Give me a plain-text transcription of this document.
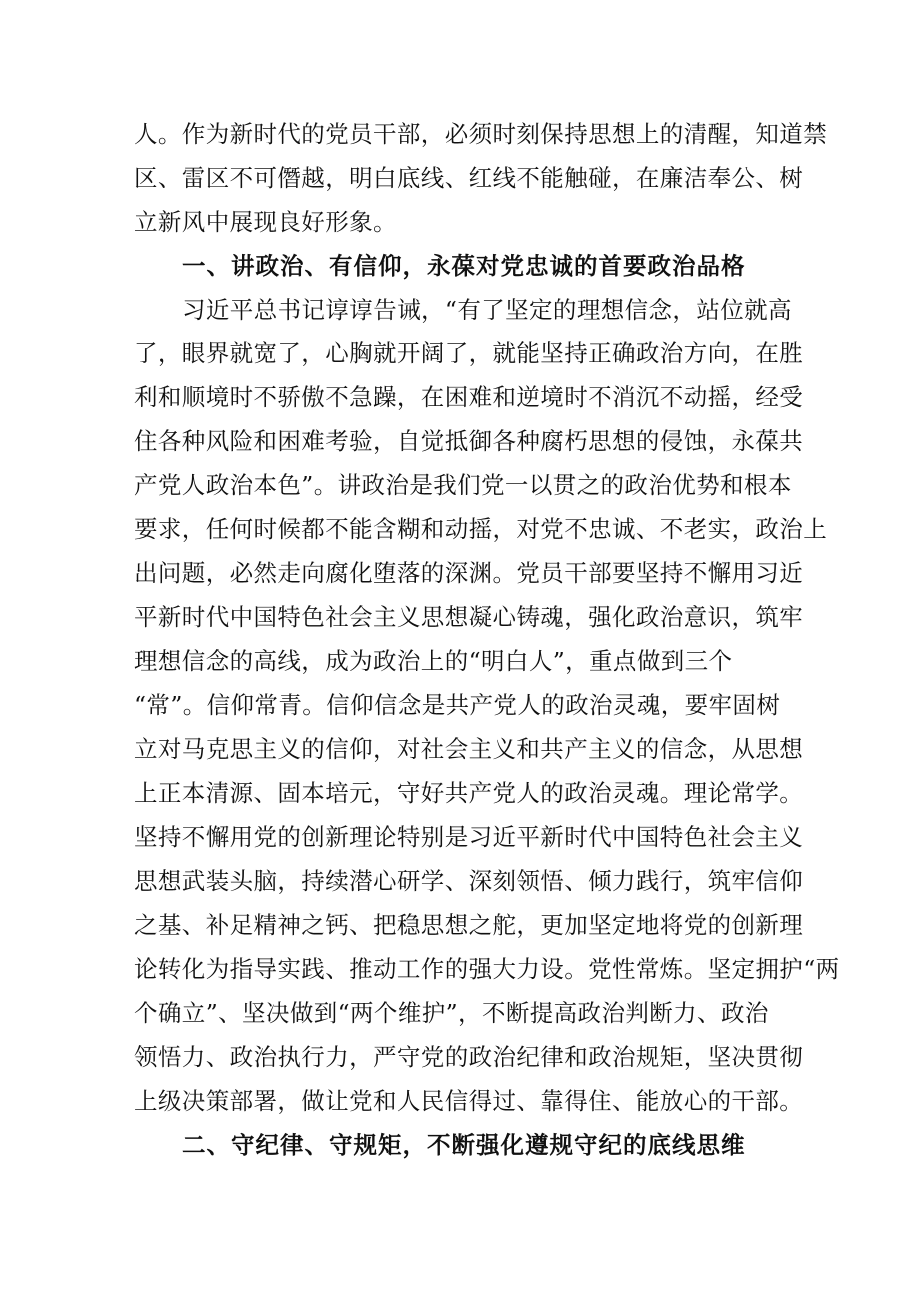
人。作为新时代的党员干部，必须时刻保持思想上的清醒，知道禁
区、雷区不可僭越，明白底线、红线不能触碰，在廉洁奉公、树
立新风中展现良好形象。
一、讲政治、有信仰，永葆对党忠诚的首要政治品格
习近平总书记谆谆告诫，“有了坚定的理想信念，站位就高
了，眼界就宽了，心胸就开阔了，就能坚持正确政治方向，在胜
利和顺境时不骄傲不急躁，在困难和逆境时不消沉不动摇，经受
住各种风险和困难考验，自觉抵御各种腐朽思想的侵蚀，永葆共
产党人政治本色”。讲政治是我们党一以贯之的政治优势和根本
要求，任何时候都不能含糊和动摇，对党不忠诚、不老实，政治上
出问题，必然走向腐化堕落的深渊。党员干部要坚持不懈用习近
平新时代中国特色社会主义思想凝心铸魂，强化政治意识，筑牢
理想信念的高线，成为政治上的“明白人”，重点做到三个
“常”。信仰常青。信仰信念是共产党人的政治灵魂，要牢固树
立对马克思主义的信仰，对社会主义和共产主义的信念，从思想
上正本清源、固本培元，守好共产党人的政治灵魂。理论常学。
坚持不懈用党的创新理论特别是习近平新时代中国特色社会主义
思想武装头脑，持续潜心研学、深刻领悟、倾力践行，筑牢信仰
之基、补足精神之钙、把稳思想之舵，更加坚定地将党的创新理
论转化为指导实践、推动工作的强大力设。党性常炼。坚定拥护“两
个确立”、坚决做到“两个维护”，不断提高政治判断力、政治
领悟力、政治执行力，严守党的政治纪律和政治规矩，坚决贯彻
上级决策部署，做让党和人民信得过、靠得住、能放心的干部。
二、守纪律、守规矩，不断强化遵规守纪的底线思维
